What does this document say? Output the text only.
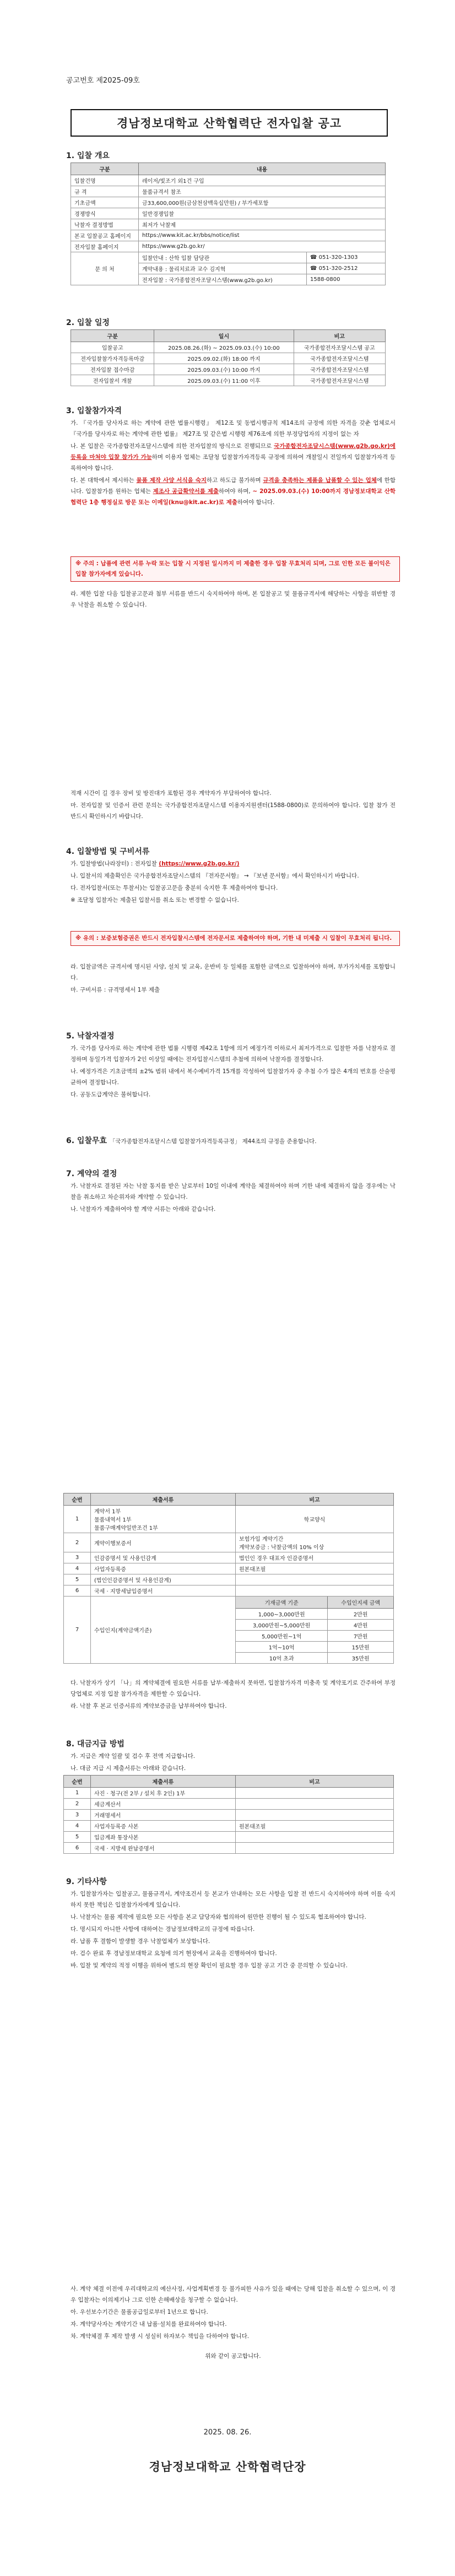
공고번호 제2025-09호
경남정보대학교 산학협력단 전자입찰 공고
1. 입찰 개요
구분	내용	
입찰건명	레이저/빛조기 외1건 구입	
규 격	물품규격서 참조	
기초금액	금33,600,000원(금삼천삼백육십만원) / 부가세포함	
경쟁방식	일반경쟁입찰	
낙찰자 결정방법	최저가 낙찰제	
본교 입찰공고 홈페이지	https://www.kit.ac.kr/bbs/notice/list	
전자입찰 홈페이지	https://www.g2b.go.kr/	
문 의 처	입찰안내 : 산학 입찰 담당관	☎ 051-320-1303
	계약내용 : 물리치료과 교수 김지혁	☎ 051-320-2512
	전자입찰 : 국가종합전자조달시스템(www.g2b.go.kr)	1588-0800
2. 입찰 일정
구분	일시	비고
입찰공고	2025.08.26.(화) ~ 2025.09.03.(수) 10:00	국가종합전자조달시스템 공고
전자입찰참가자격등록마감	2025.09.02.(화) 18:00 까지	국가종합전자조달시스템
전자입찰 접수마감	2025.09.03.(수) 10:00 까지	국가종합전자조달시스템
전자입찰서 개찰	2025.09.03.(수) 11:00 이후	국가종합전자조달시스템
3. 입찰참가자격

가. 『국가를 당사자로 하는 계약에 관한 법률시행령』 제12조 및 동법시행규칙 제14조의 규정에 의한 자격을 갖춘 업체로서 『국가를 당사자로 하는 계약에 관한 법률』 제27조 및 같은법 시행령 제76조에 의한 부정당업자의 지정이 없는 자

나. 본 입찰은 국가종합전자조달시스템에 의한 전자입찰의 방식으로 진행되므로 국가종합전자조달시스템(www.g2b.go.kr)에 등록을 마쳐야 입찰 참가가 가능하며 이용자 업체는 조달청 입찰참가자격등록 규정에 의하여 개찰일시 전일까지 입찰참가자격 등록하여야 합니다.

다. 본 대학에서 제시하는 물품 제작 사양 서식을 숙지하고 하도급 불가하며 규격을 충족하는 제품을 납품할 수 있는 업체에 한합니다. 입찰참가를 원하는 업체는 제조사 공급확약서를 제출하여야 하며, ~ 2025.09.03.(수) 10:00까지 경남정보대학교 산학협력단 1층 행정실로 방문 또는 이메일(knu@kit.ac.kr)로 제출하여야 합니다.

※ 주의 : 납품에 관련 서류 누락 또는 입찰 시 지정된 일시까지 미 제출한 경우 입찰 무효처리 되며, 그로 인한 모든 불이익은 입찰 참가자에게 있습니다.

라. 제한 입찰 다음 입찰공고문과 첨부 서류를 반드시 숙지하여야 하며, 본 입찰공고 및 물품규격서에 해당하는 사항을 위반할 경우 낙찰을 취소할 수 있습니다.

적재 시간이 길 경우 장비 및 방진대가 포함된 경우 계약자가 부담하여야 합니다.

마. 전자입찰 및 인증서 관련 문의는 국가종합전자조달시스템 이용자지원센터(1588-0800)로 문의하여야 합니다. 입찰 참가 전 반드시 확인하시기 바랍니다.

4. 입찰방법 및 구비서류

가. 입찰방법(나라장터) : 전자입찰 (https://www.g2b.go.kr/)

나. 입찰서의 제출확인은 국가종합전자조달시스템의 『전자문서함』 → 『보낸 문서함』에서 확인하시기 바랍니다.

다. 전자입찰서(또는 투찰서)는 입찰공고문을 충분히 숙지한 후 제출하여야 합니다.

※ 조달청 입찰자는 제출된 입찰서를 취소 또는 변경할 수 없습니다.

※ 유의 : 보증보험증권은 반드시 전자입찰시스템에 전자문서로 제출하여야 하며, 기한 내 미제출 시 입찰이 무효처리 됩니다.

라. 입찰금액은 규격서에 명시된 사양, 설치 및 교육, 운반비 등 일체를 포함한 금액으로 입찰하여야 하며, 부가가치세를 포함합니다.

마. 구비서류 : 규격명세서 1부 제출

5. 낙찰자결정

가. 국가를 당사자로 하는 계약에 관한 법률 시행령 제42조 1항에 의거 예정가격 이하로서 최저가격으로 입찰한 자를 낙찰자로 결정하며 동일가격 입찰자가 2인 이상일 때에는 전자입찰시스템의 추첨에 의하여 낙찰자를 결정합니다.

나. 예정가격은 기초금액의 ±2% 범위 내에서 복수예비가격 15개를 작성하여 입찰참가자 중 추첨 수가 많은 4개의 번호를 산술평균하여 결정합니다.

다. 공동도급계약은 불허합니다.

6. 입찰무효 「국가종합전자조달시스템 입찰참가자격등록규정」 제44조의 규정을 준용합니다.
7. 계약의 결정

가. 낙찰자로 결정된 자는 낙찰 통지를 받은 날로부터 10일 이내에 계약을 체결하여야 하며 기한 내에 체결하지 않을 경우에는 낙찰을 취소하고 차순위자와 계약할 수 있습니다.

나. 낙찰자가 제출하여야 할 계약 서류는 아래와 같습니다.

순번	제출서류	비고	
1	계약서 1부
물품내역서 1부
물품구매계약일반조건 1부	학교양식	
2	계약이행보증서	보험가입 계약기간
계약보증금 : 낙찰금액의 10% 이상	
3	인감증명서 및 사용인감계	법인인 경우 대표자 인감증명서	
4	사업자등록증	원본대조필	
5	(법인인감증명서 및 사용인감계)		
6	국세 · 지방세납입증명서		
7	수입인지(계약금액기준)	기재금액 기준	수입인지세 금액
		1,000~3,000만원	2만원
		3,000만원~5,000만원	4만원
		5,000만원~1억	7만원
		1억~10억	15만원
		10억 초과	35만원

다. 낙찰자가 상기 「나」의 계약체결에 필요한 서류를 납부·제출하지 못하면, 입찰참가자격 미충족 및 계약포기로 간주하여 부정당업체로 지정 입찰 참가자격을 제한할 수 있습니다.

라. 낙찰 후 본교 인증서류의 계약보증금을 납부하여야 합니다.

8. 대금지급 방법

가. 지급은 계약 일괄 및 검수 후 전액 지급합니다.

나. 대금 지급 시 제출서류는 아래와 같습니다.

순번	제출서류	비고
1	사진 · 청구(전 2부 / 설치 후 2인) 1부	
2	세금계산서	
3	거래명세서	
4	사업자등록증 사본	원본대조필
5	입금계좌 통장사본	
6	국세 · 지방세 완납증명서	
9. 기타사항

가. 입찰참가자는 입찰공고, 물품규격서, 계약조건서 등 본교가 안내하는 모든 사항을 입찰 전 반드시 숙지하여야 하며 이를 숙지하지 못한 책임은 입찰참가자에게 있습니다.

나. 낙찰자는 물품 제작에 필요한 모든 사항을 본교 담당자와 협의하여 원만한 진행이 될 수 있도록 협조하여야 합니다.

다. 명시되지 아니한 사항에 대하여는 경남정보대학교의 규정에 따릅니다.

라. 납품 후 결함이 발생할 경우 낙찰업체가 보상합니다.

마. 검수 완료 후 경남정보대학교 요청에 의거 현장에서 교육을 진행하여야 합니다.

바. 입찰 및 계약의 적정 이행을 위하여 별도의 현장 확인이 필요할 경우 입찰 공고 기간 중 문의할 수 있습니다.

사. 계약 체결 이전에 우리대학교의 예산사정, 사업계획변경 등 불가피한 사유가 있을 때에는 당해 입찰을 취소할 수 있으며, 이 경우 입찰자는 이의제기나 그로 인한 손해배상을 청구할 수 없습니다.

아. 우선보수기간은 물품공급일로부터 1년으로 합니다.

자. 계약당사자는 계약기간 내 납품·설치를 완료하여야 합니다.

차. 계약체결 후 제작 발생 시 성실히 하자보수 책임을 다하여야 합니다.

위와 같이 공고합니다.

2025. 08. 26.
경남정보대학교 산학협력단장
